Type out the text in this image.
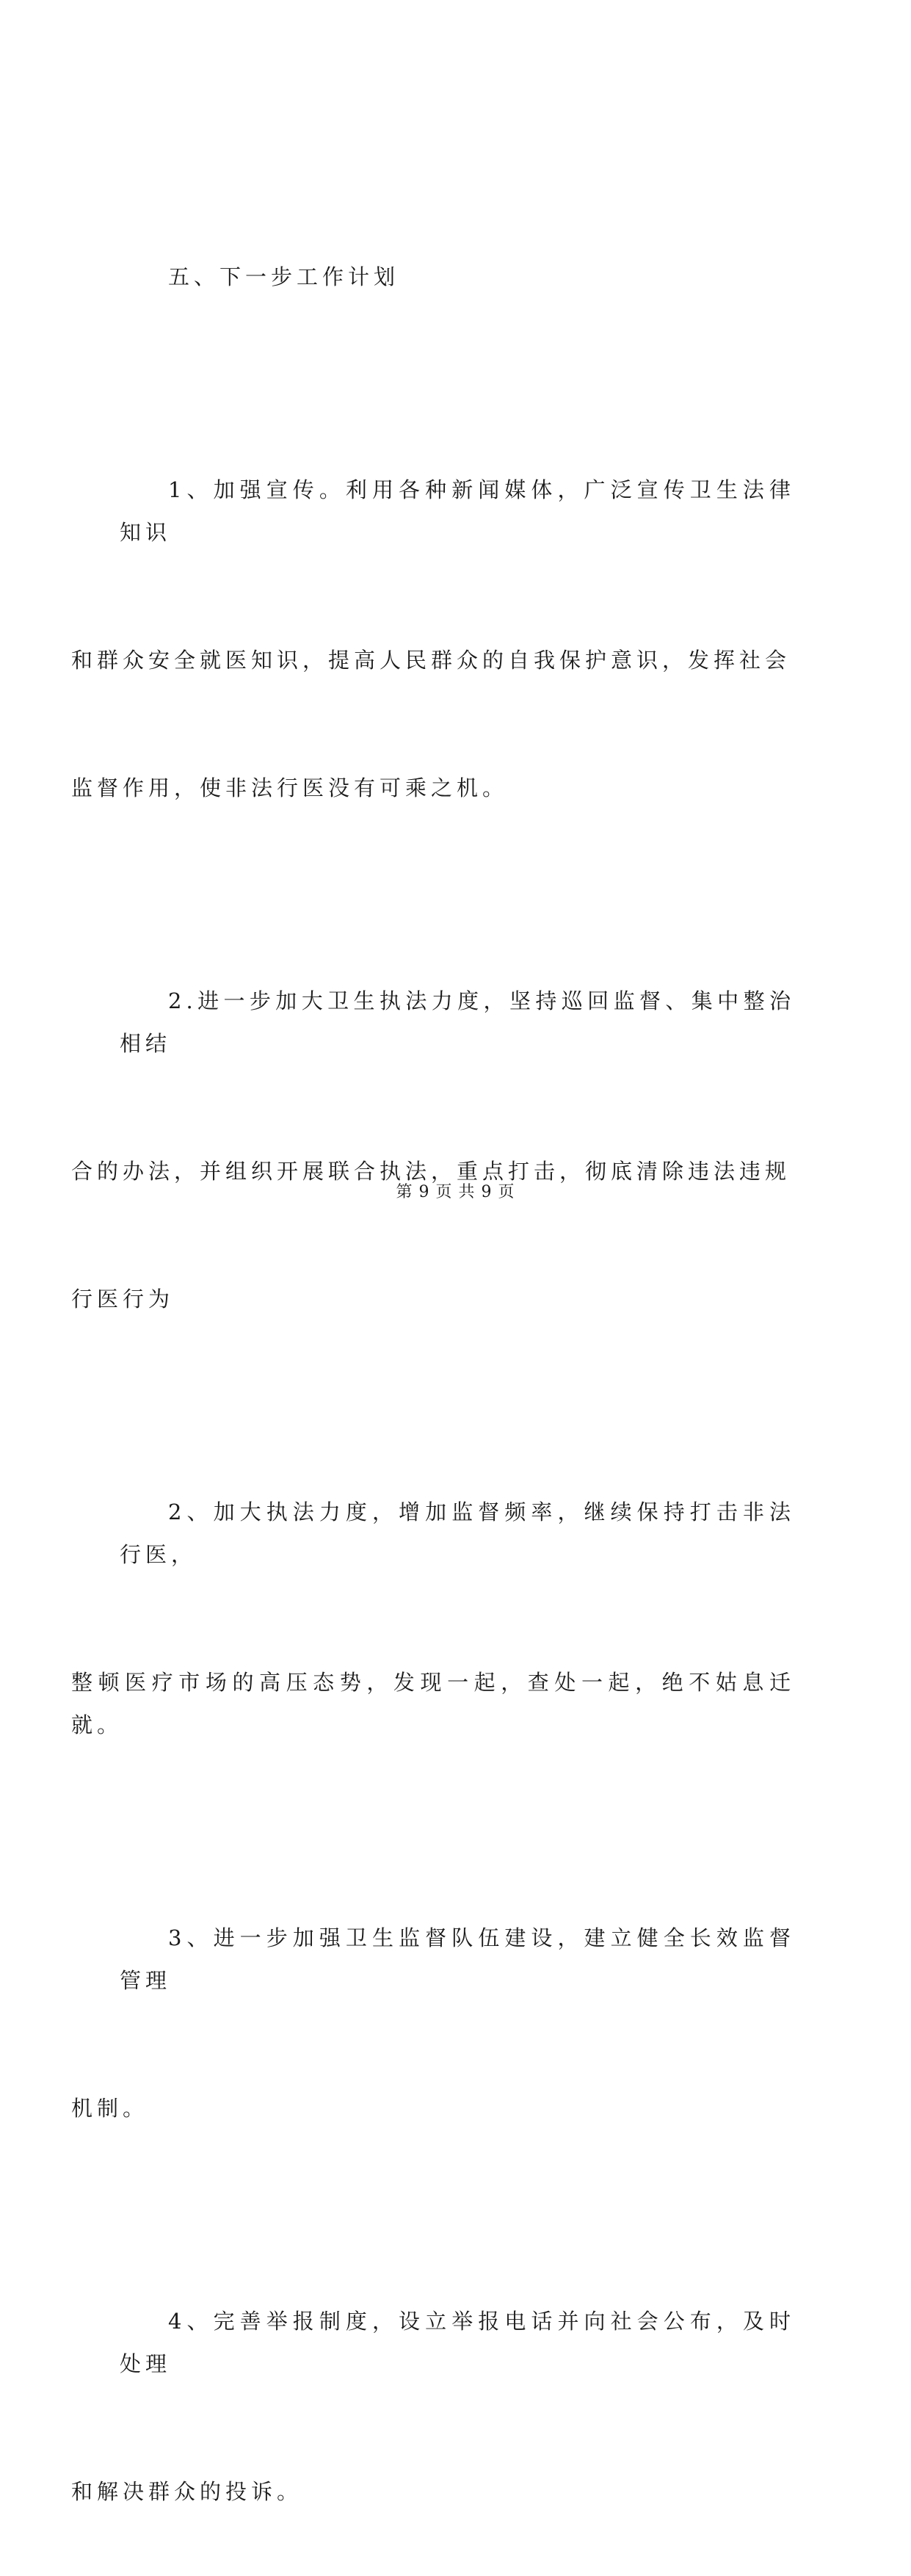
五、下一步工作计划

1、加强宣传。利用各种新闻媒体，广泛宣传卫生法律知识

和群众安全就医知识，提高人民群众的自我保护意识，发挥社会

监督作用，使非法行医没有可乘之机。

2.进一步加大卫生执法力度，坚持巡回监督、集中整治相结

合的办法，并组织开展联合执法，重点打击，彻底清除违法违规

行医行为

2、加大执法力度，增加监督频率，继续保持打击非法行医，

整顿医疗市场的高压态势，发现一起，查处一起，绝不姑息迁就。

3、进一步加强卫生监督队伍建设，建立健全长效监督管理

机制。

4、完善举报制度，设立举报电话并向社会公布，及时处理

和解决群众的投诉。

第 9 页 共 9 页
